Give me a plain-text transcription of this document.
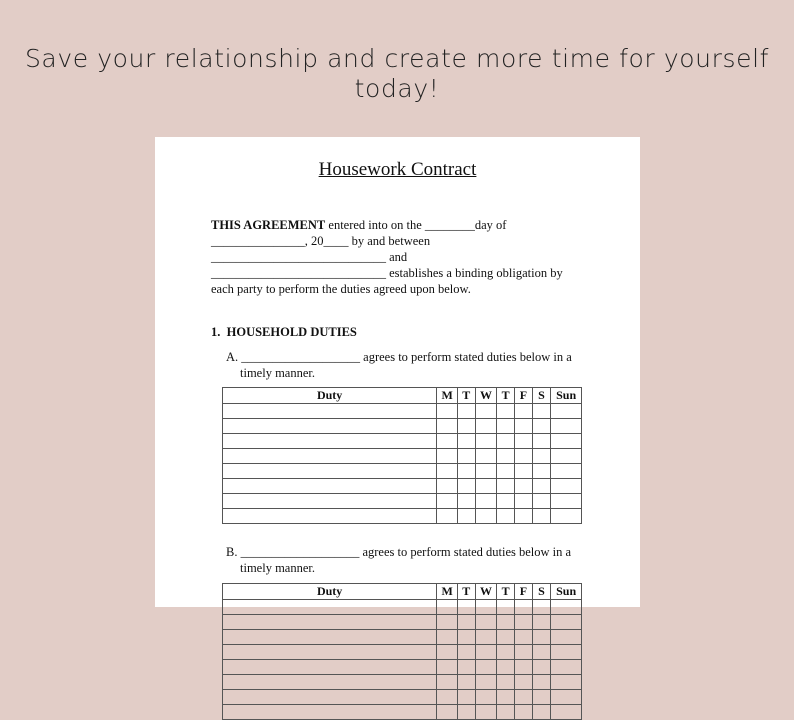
Save your relationship and create more time for yourself today!
Housework Contract
THIS AGREEMENT entered into on the ________day of
_______________, 20____ by and between
____________________________ and
____________________________ establishes a binding obligation by
each party to perform the duties agreed upon below.
1.  HOUSEHOLD DUTIES
A. ___________________ agrees to perform stated duties below in a
timely manner.
Duty	M	T	W	T	F	S	Sun

B. ___________________ agrees to perform stated duties below in a
timely manner.
Duty	M	T	W	T	F	S	Sun
